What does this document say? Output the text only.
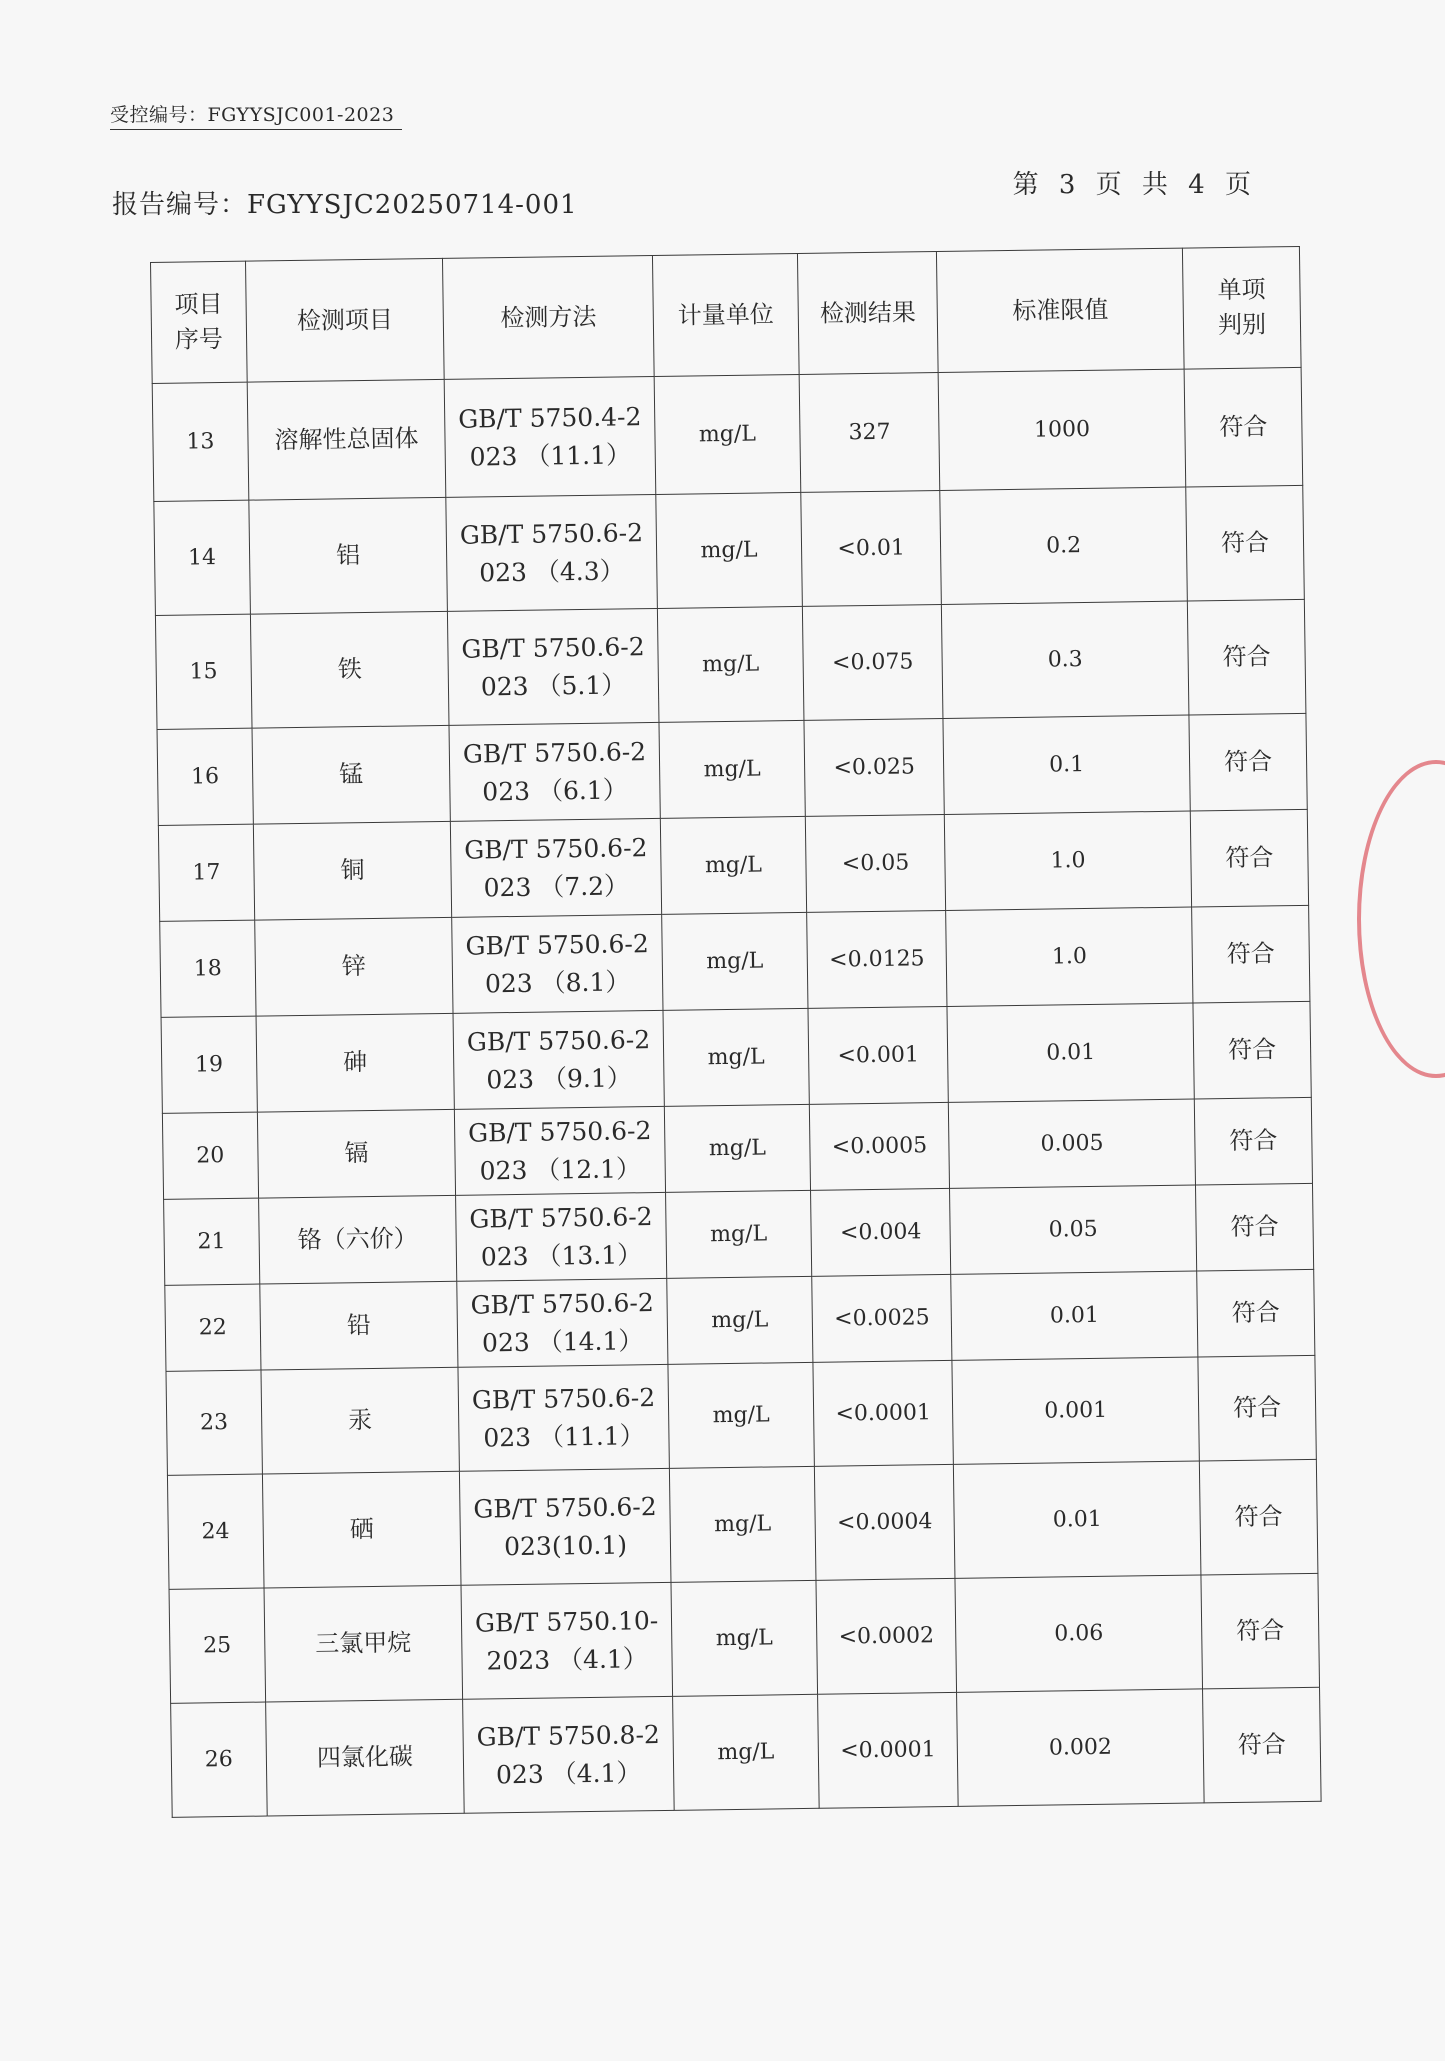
受控编号：FGYYSJC001-2023
报告编号：FGYYSJC20250714-001
第 3 页 共 4 页
项目
序号	检测项目	检测方法	计量单位	检测结果	标准限值	单项
判别

13	溶解性总固体	GB/T 5750.4-2023 （11.1）	mg/L	327	1000	符合
14	铝	GB/T 5750.6-2023 （4.3）	mg/L	<0.01	0.2	符合
15	铁	GB/T 5750.6-2023 （5.1）	mg/L	<0.075	0.3	符合
16	锰	GB/T 5750.6-2023 （6.1）	mg/L	<0.025	0.1	符合
17	铜	GB/T 5750.6-2023 （7.2）	mg/L	<0.05	1.0	符合
18	锌	GB/T 5750.6-2023 （8.1）	mg/L	<0.0125	1.0	符合
19	砷	GB/T 5750.6-2023 （9.1）	mg/L	<0.001	0.01	符合
20	镉	GB/T 5750.6-2023 （12.1）	mg/L	<0.0005	0.005	符合
21	铬（六价）	GB/T 5750.6-2023 （13.1）	mg/L	<0.004	0.05	符合
22	铅	GB/T 5750.6-2023 （14.1）	mg/L	<0.0025	0.01	符合
23	汞	GB/T 5750.6-2023 （11.1）	mg/L	<0.0001	0.001	符合
24	硒	GB/T 5750.6-2023(10.1)	mg/L	<0.0004	0.01	符合
25	三氯甲烷	GB/T 5750.10-2023 （4.1）	mg/L	<0.0002	0.06	符合
26	四氯化碳	GB/T 5750.8-2023 （4.1）	mg/L	<0.0001	0.002	符合
